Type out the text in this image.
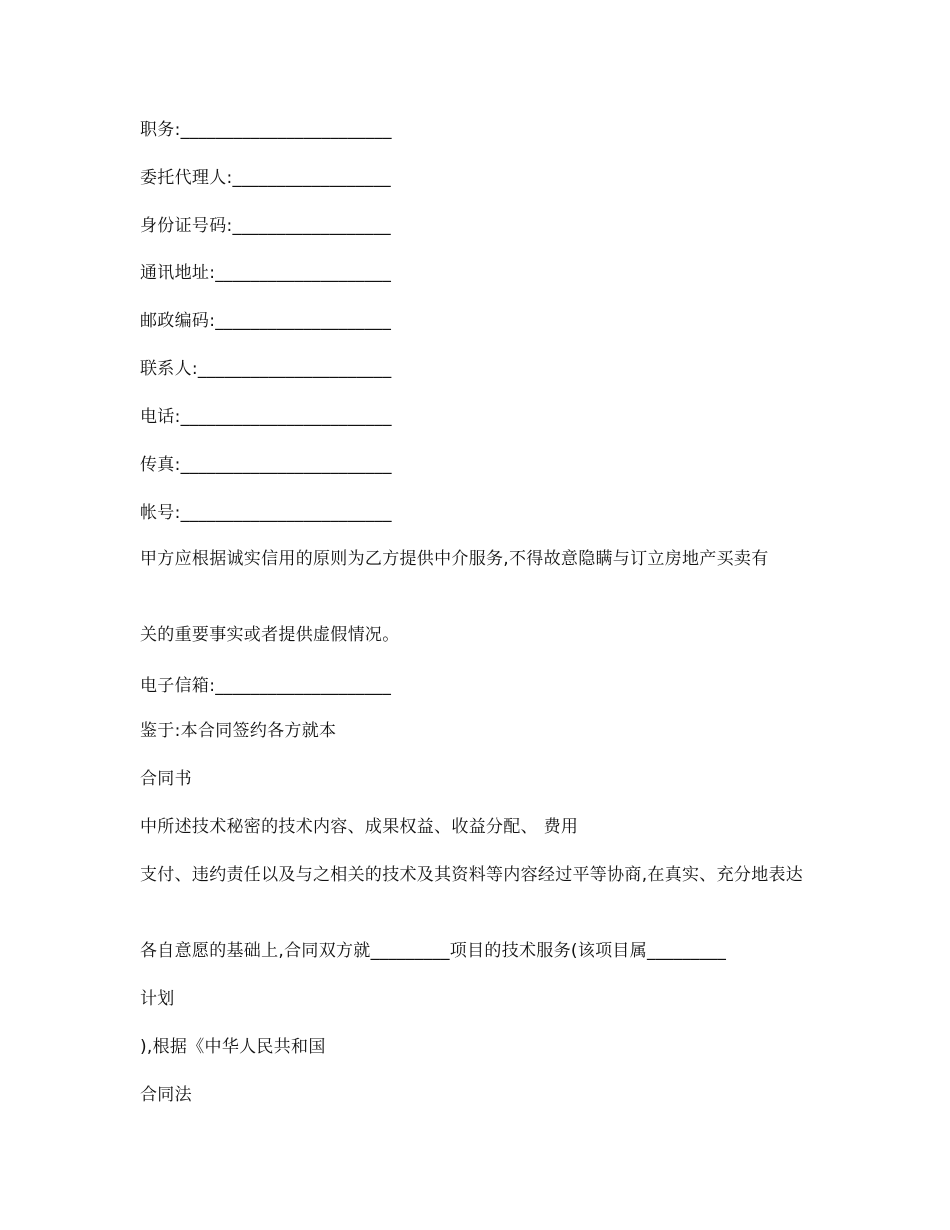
职务:________________________
委托代理人:__________________
身份证号码:__________________
通讯地址:____________________
邮政编码:____________________
联系人:______________________
电话:________________________
传真:________________________
帐号:________________________
甲方应根据诚实信用的原则为乙方提供中介服务,不得故意隐瞒与订立房地产买卖有
关的重要事实或者提供虚假情况。
电子信箱:____________________
鉴于:本合同签约各方就本
合同书
中所述技术秘密的技术内容、成果权益、收益分配、 费用
支付、违约责任以及与之相关的技术及其资料等内容经过平等协商,在真实、充分地表达
各自意愿的基础上,合同双方就_________项目的技术服务(该项目属_________
计划
),根据《中华人民共和国
合同法
